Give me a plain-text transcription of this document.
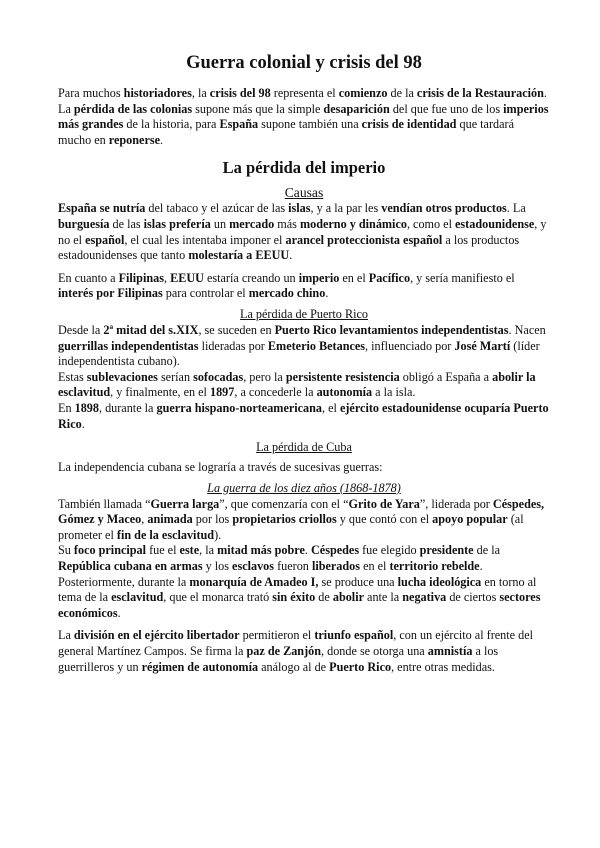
Guerra colonial y crisis del 98

Para muchos historiadores, la crisis del 98 representa el comienzo de la crisis de la Restauración. La pérdida de las colonias supone más que la simple desaparición del que fue uno de los imperios más grandes de la historia, para España supone también una crisis de identidad que tardará mucho en reponerse.

La pérdida del imperio

Causas

España se nutría del tabaco y el azúcar de las islas, y a la par les vendían otros productos. La burguesía de las islas prefería un mercado más moderno y dinámico, como el estadounidense, y no el español, el cual les intentaba imponer el arancel proteccionista español a los productos estadounidenses que tanto molestaría a EEUU.

En cuanto a Filipinas, EEUU estaría creando un imperio en el Pacífico, y sería manifiesto el interés por Filipinas para controlar el mercado chino.

La pérdida de Puerto Rico

Desde la 2ª mitad del s.XIX, se suceden en Puerto Rico levantamientos independentistas. Nacen guerrillas independentistas lideradas por Emeterio Betances, influenciado por José Martí (líder independentista cubano).

Estas sublevaciones serían sofocadas, pero la persistente resistencia obligó a España a abolir la esclavitud, y finalmente, en el 1897, a concederle la autonomía a la isla.

En 1898, durante la guerra hispano-norteamericana, el ejército estadounidense ocuparía Puerto Rico.

La pérdida de Cuba

La independencia cubana se lograría a través de sucesivas guerras:

La guerra de los diez años (1868-1878)

También llamada “Guerra larga”, que comenzaría con el “Grito de Yara”, liderada por Céspedes, Gómez y Maceo, animada por los propietarios criollos y que contó con el apoyo popular (al prometer el fin de la esclavitud).

Su foco principal fue el este, la mitad más pobre. Céspedes fue elegido presidente de la República cubana en armas y los esclavos fueron liberados en el territorio rebelde.

Posteriormente, durante la monarquía de Amadeo I, se produce una lucha ideológica en torno al tema de la esclavitud, que el monarca trató sin éxito de abolir ante la negativa de ciertos sectores económicos.

La división en el ejército libertador permitieron el triunfo español, con un ejército al frente del general Martínez Campos. Se firma la paz de Zanjón, donde se otorga una amnistía a los guerrilleros y un régimen de autonomía análogo al de Puerto Rico, entre otras medidas.
